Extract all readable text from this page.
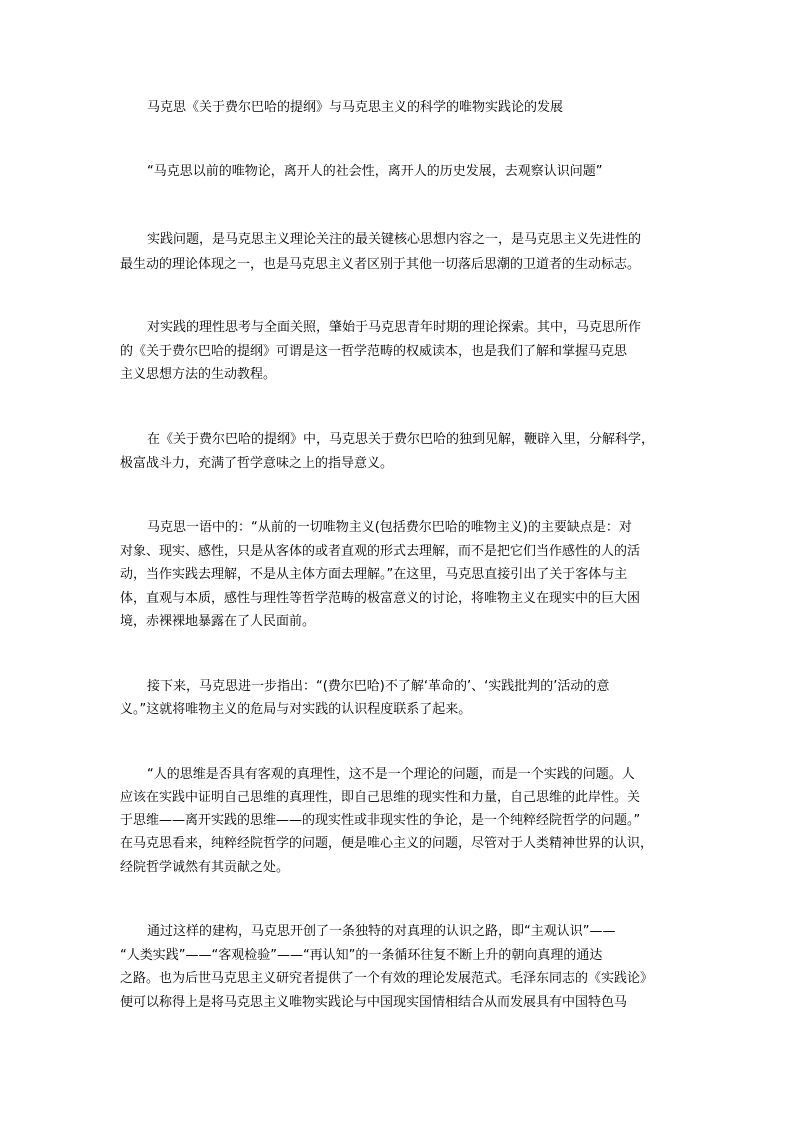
马克思《关于费尔巴哈的提纲》与马克思主义的科学的唯物实践论的发展
“马克思以前的唯物论，离开人的社会性，离开人的历史发展，去观察认识问题”
实践问题，是马克思主义理论关注的最关键核心思想内容之一，是马克思主义先进性的
最生动的理论体现之一，也是马克思主义者区别于其他一切落后思潮的卫道者的生动标志。
对实践的理性思考与全面关照，肇始于马克思青年时期的理论探索。其中，马克思所作
的《关于费尔巴哈的提纲》可谓是这一哲学范畴的权威读本，也是我们了解和掌握马克思
主义思想方法的生动教程。
在《关于费尔巴哈的提纲》中，马克思关于费尔巴哈的独到见解，鞭辟入里，分解科学，
极富战斗力，充满了哲学意味之上的指导意义。
马克思一语中的：“从前的一切唯物主义(包括费尔巴哈的唯物主义)的主要缺点是：对
对象、现实、感性，只是从客体的或者直观的形式去理解，而不是把它们当作感性的人的活
动，当作实践去理解，不是从主体方面去理解。”在这里，马克思直接引出了关于客体与主
体，直观与本质，感性与理性等哲学范畴的极富意义的讨论，将唯物主义在现实中的巨大困
境，赤裸裸地暴露在了人民面前。
接下来，马克思进一步指出：“(费尔巴哈)不了解‘革命的’、‘实践批判的’活动的意
义。”这就将唯物主义的危局与对实践的认识程度联系了起来。
“人的思维是否具有客观的真理性，这不是一个理论的问题，而是一个实践的问题。人
应该在实践中证明自己思维的真理性，即自己思维的现实性和力量，自己思维的此岸性。关
于思维——离开实践的思维——的现实性或非现实性的争论，是一个纯粹经院哲学的问题。”
在马克思看来，纯粹经院哲学的问题，便是唯心主义的问题，尽管对于人类精神世界的认识，
经院哲学诚然有其贡献之处。
通过这样的建构，马克思开创了一条独特的对真理的认识之路，即“主观认识”——
“人类实践”——“客观检验”——“再认知”的一条循环往复不断上升的朝向真理的通达
之路。也为后世马克思主义研究者提供了一个有效的理论发展范式。毛泽东同志的《实践论》
便可以称得上是将马克思主义唯物实践论与中国现实国情相结合从而发展具有中国特色马
